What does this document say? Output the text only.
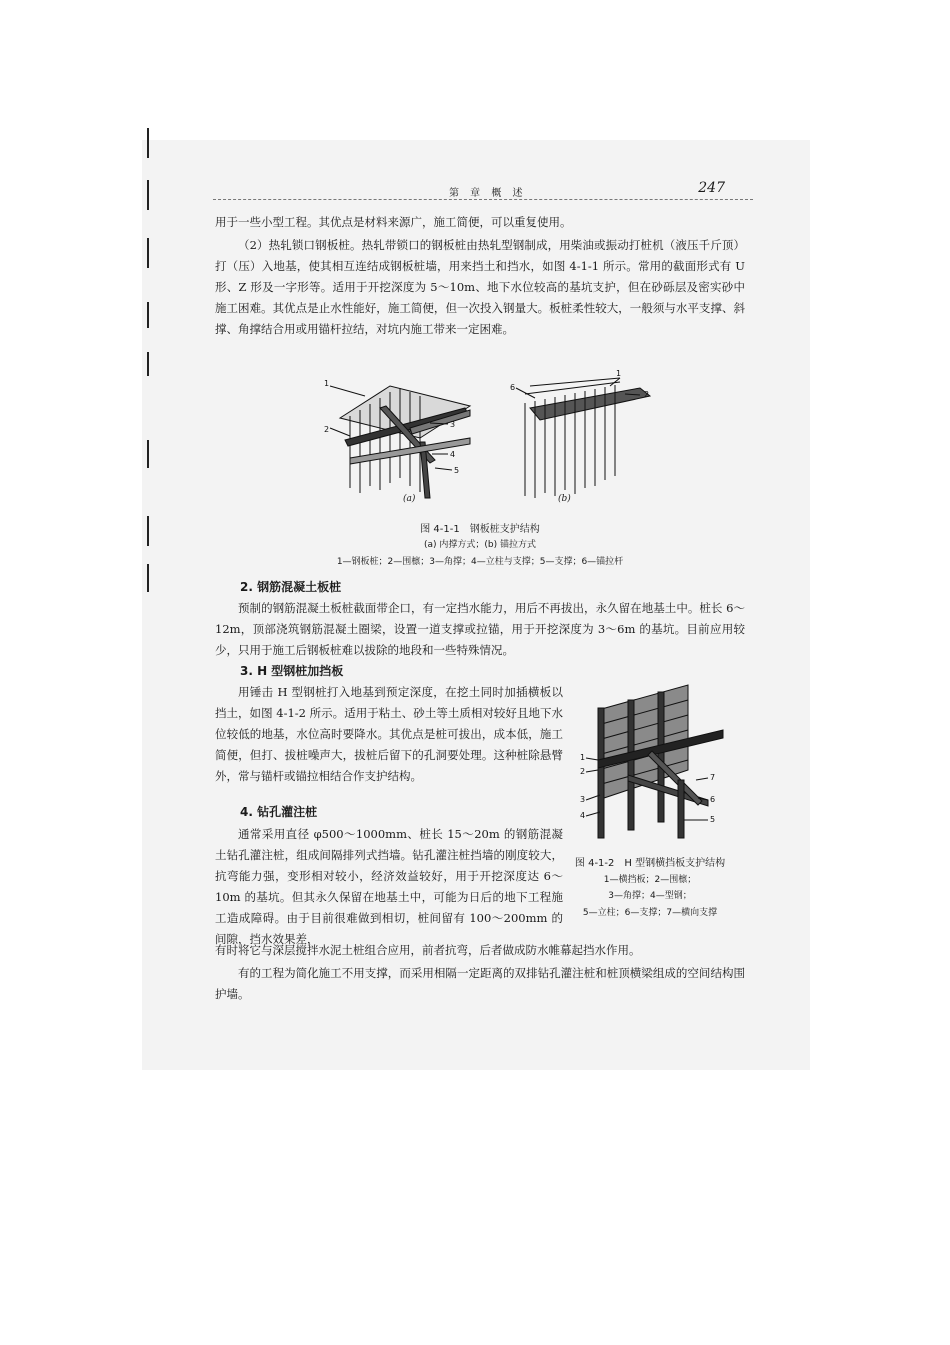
第 章 概 述	247
用于一些小型工程。其优点是材料来源广，施工简便，可以重复使用。
（2）热轧锁口钢板桩。热轧带锁口的钢板桩由热轧型钢制成，用柴油或振动打桩机（液压千斤顶）打（压）入地基，使其相互连结成钢板桩墙，用来挡土和挡水，如图 4-1-1 所示。常用的截面形式有 U 形、Z 形及一字形等。适用于开挖深度为 5～10m、地下水位较高的基坑支护，但在砂砾层及密实砂中施工困难。其优点是止水性能好，施工简便，但一次投入钢量大。板桩柔性较大，一般须与水平支撑、斜撑、角撑结合用或用锚杆拉结，对坑内施工带来一定困难。
1
2
3
4
5
6
1
2
(a)	(b)
图 4-1-1　钢板桩支护结构
(a) 内撑方式；(b) 锚拉方式
1—钢板桩；2—围檩；3—角撑；4—立柱与支撑；5—支撑；6—锚拉杆
2. 钢筋混凝土板桩
预制的钢筋混凝土板桩截面带企口，有一定挡水能力，用后不再拔出，永久留在地基土中。桩长 6～12m，顶部浇筑钢筋混凝土圈梁，设置一道支撑或拉锚，用于开挖深度为 3～6m 的基坑。目前应用较少，只用于施工后钢板桩难以拔除的地段和一些特殊情况。
3. H 型钢桩加挡板
用锤击 H 型钢桩打入地基到预定深度，在挖土同时加插横板以挡土，如图 4-1-2 所示。适用于粘土、砂土等土质相对较好且地下水位较低的地基，水位高时要降水。其优点是桩可拔出，成本低，施工简便，但打、拔桩噪声大，拔桩后留下的孔洞要处理。这种桩除悬臂外，常与锚杆或锚拉相结合作支护结构。
4. 钻孔灌注桩
通常采用直径 φ500～1000mm、桩长 15～20m 的钢筋混凝土钻孔灌注桩，组成间隔排列式挡墙。钻孔灌注桩挡墙的刚度较大，抗弯能力强，变形相对较小，经济效益较好，用于开挖深度达 6～10m 的基坑。但其永久保留在地基土中，可能为日后的地下工程施工造成障碍。由于目前很难做到相切，桩间留有 100～200mm 的间隙，挡水效果差，
有时将它与深层搅拌水泥土桩组合应用，前者抗弯，后者做成防水帷幕起挡水作用。
有的工程为简化施工不用支撑，而采用相隔一定距离的双排钻孔灌注桩和桩顶横梁组成的空间结构围护墙。
1
2
3
4
7
6
5
图 4-1-2　H 型钢横挡板支护结构
1—横挡板；2—围檩；
3—角撑；4—型钢；
5—立柱；6—支撑；7—横向支撑
